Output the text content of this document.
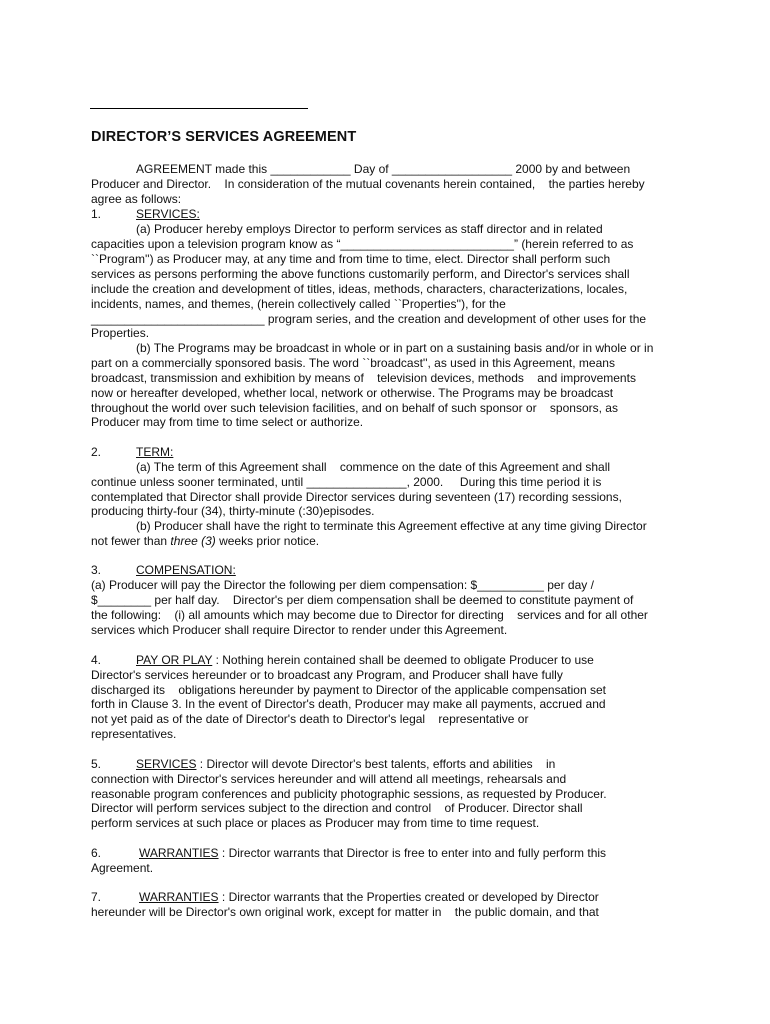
DIRECTOR’S SERVICES AGREEMENT
AGREEMENT made this ____________ Day of __________________ 2000 by and between
Producer and Director.    In consideration of the mutual covenants herein contained,    the parties hereby
agree as follows:
1.	SERVICES:
(a) Producer hereby employs Director to perform services as staff director and in related
capacities upon a television program know as “__________________________” (herein referred to as
``Program'') as Producer may, at any time and from time to time, elect. Director shall perform such
services as persons performing the above functions customarily perform, and Director's services shall
include the creation and development of titles, ideas, methods, characters, characterizations, locales,
incidents, names, and themes, (herein collectively called ``Properties''), for the
__________________________ program series, and the creation and development of other uses for the
Properties.
(b) The Programs may be broadcast in whole or in part on a sustaining basis and/or in whole or in
part on a commercially sponsored basis. The word ``broadcast'', as used in this Agreement, means
broadcast, transmission and exhibition by means of    television devices, methods    and improvements
now or hereafter developed, whether local, network or otherwise. The Programs may be broadcast
throughout the world over such television facilities, and on behalf of such sponsor or    sponsors, as
Producer may from time to time select or authorize.
2.	TERM:
(a) The term of this Agreement shall    commence on the date of this Agreement and shall
continue unless sooner terminated, until _______________, 2000.     During this time period it is
contemplated that Director shall provide Director services during seventeen (17) recording sessions,
producing thirty-four (34), thirty-minute (:30)episodes.
(b) Producer shall have the right to terminate this Agreement effective at any time giving Director
not fewer than three (3) weeks prior notice.
3.	COMPENSATION:
(a) Producer will pay the Director the following per diem compensation: $__________ per day /
$________ per half day.    Director's per diem compensation shall be deemed to constitute payment of
the following:    (i) all amounts which may become due to Director for directing    services and for all other
services which Producer shall require Director to render under this Agreement.
4.	PAY OR PLAY : Nothing herein contained shall be deemed to obligate Producer to use
Director's services hereunder or to broadcast any Program, and Producer shall have fully
discharged its    obligations hereunder by payment to Director of the applicable compensation set
forth in Clause 3. In the event of Director's death, Producer may make all payments, accrued and
not yet paid as of the date of Director's death to Director's legal    representative or
representatives.
5.	SERVICES : Director will devote Director's best talents, efforts and abilities    in
connection with Director's services hereunder and will attend all meetings, rehearsals and
reasonable program conferences and publicity photographic sessions, as requested by Producer.
Director will perform services subject to the direction and control    of Producer. Director shall
perform services at such place or places as Producer may from time to time request.
6.	WARRANTIES : Director warrants that Director is free to enter into and fully perform this
Agreement.
7.	WARRANTIES : Director warrants that the Properties created or developed by Director
hereunder will be Director's own original work, except for matter in    the public domain, and that
